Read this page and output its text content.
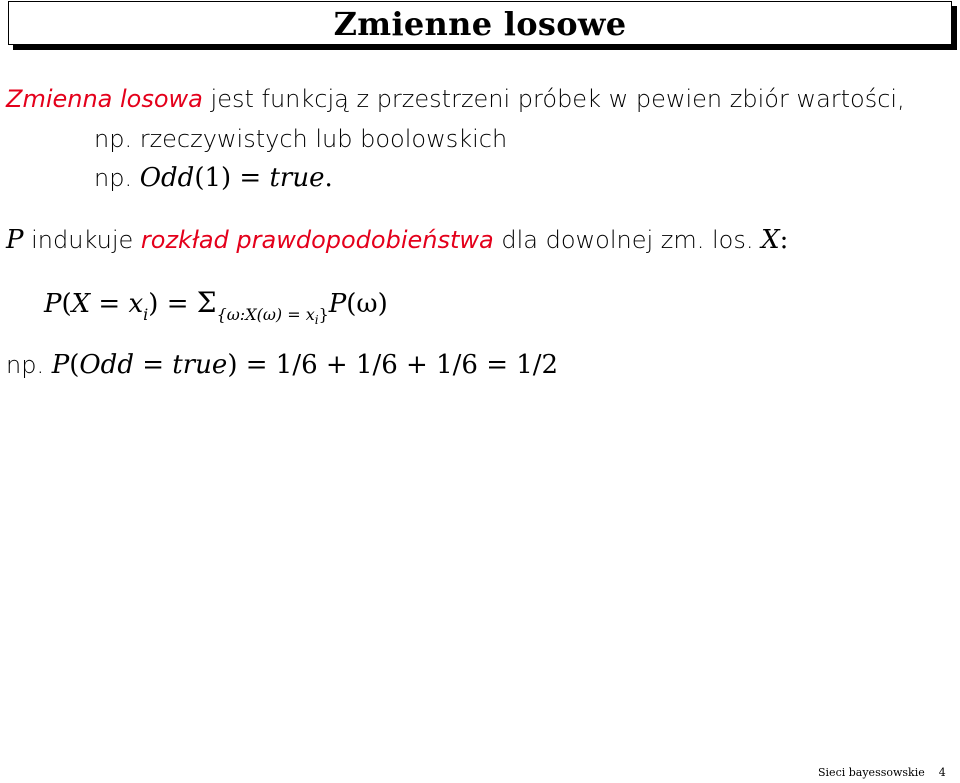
Zmienne losowe
Zmienna losowa jest funkcją z przestrzeni próbek w pewien zbiór wartości,
np. rzeczywistych lub boolowskich
np. Odd(1) = true.
P indukuje rozkład prawdopodobieństwa dla dowolnej zm. los. X:
$P(X = x_i) = \Sigma_{\{\omega:X(\omega) = xi\}}P(\omega)$
np. P(Odd = true) = 1/6 + 1/6 + 1/6 = 1/2
Sieci bayessowskie 4
